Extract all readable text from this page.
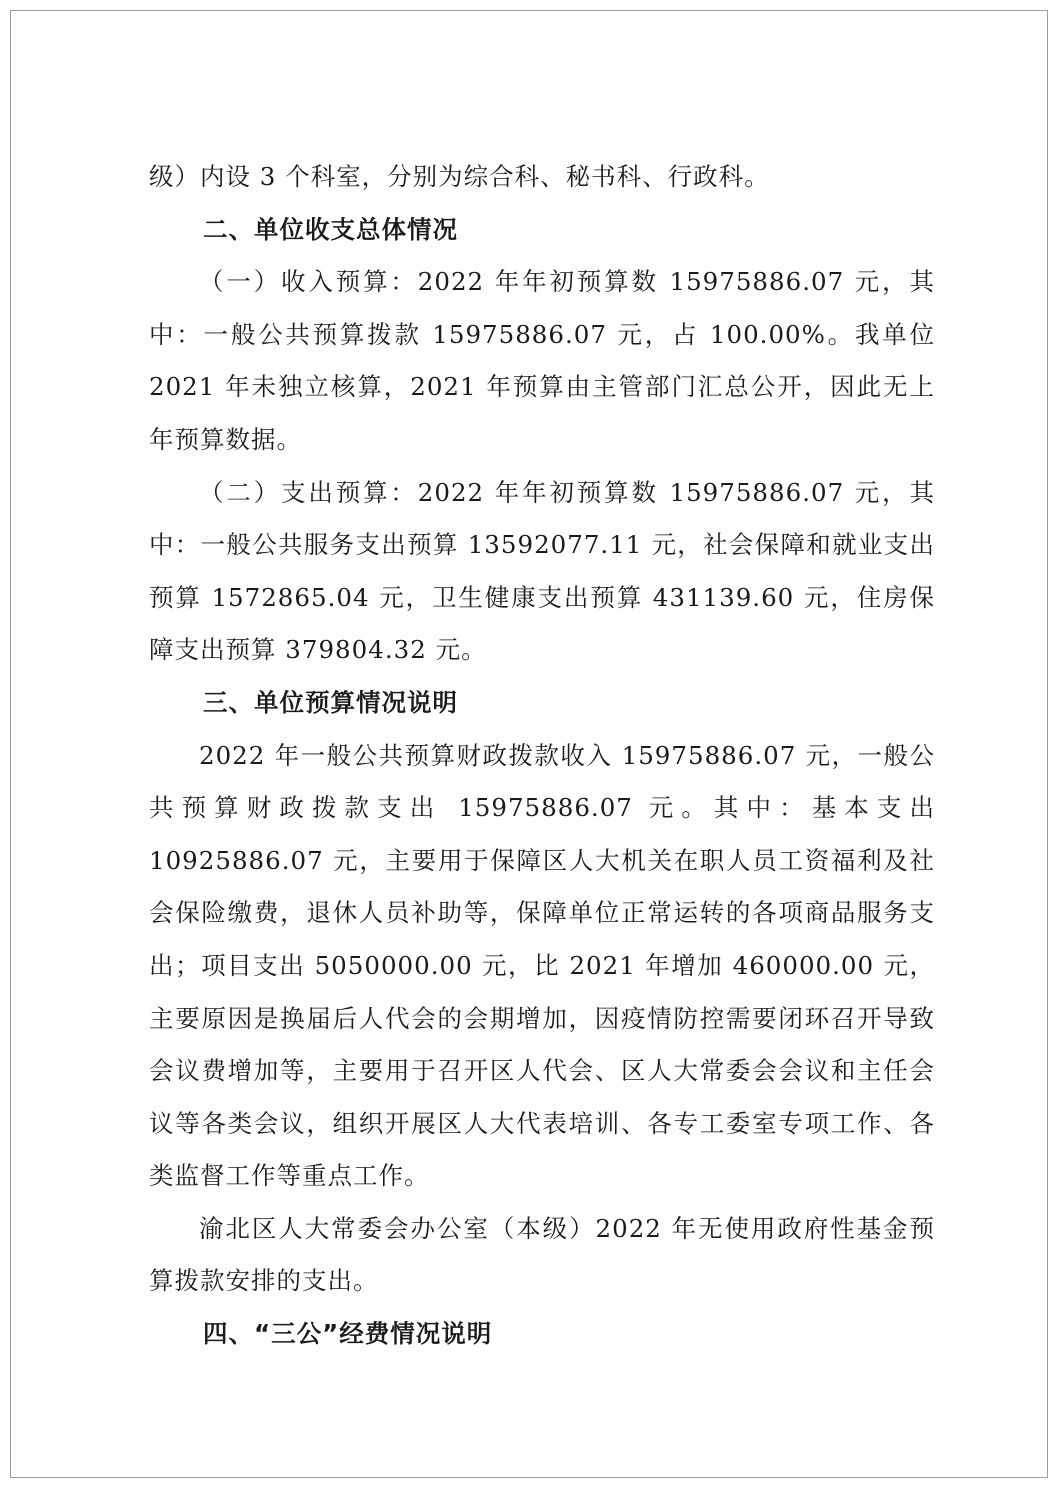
级）内设 3 个科室，分别为综合科、秘书科、行政科。

二、单位收支总体情况

（一）收入预算：2022 年年初预算数 15975886.07 元，其中：一般公共预算拨款 15975886.07 元，占 100.00%。我单位 2021 年未独立核算，2021 年预算由主管部门汇总公开，因此无上年预算数据。

（二）支出预算：2022 年年初预算数 15975886.07 元，其中：一般公共服务支出预算 13592077.11 元，社会保障和就业支出预算 1572865.04 元，卫生健康支出预算 431139.60 元，住房保障支出预算 379804.32 元。

三、单位预算情况说明

2022 年一般公共预算财政拨款收入 15975886.07 元，一般公共预算财政拨款支出 15975886.07 元。其中：基本支出 10925886.07 元，主要用于保障区人大机关在职人员工资福利及社会保险缴费，退休人员补助等，保障单位正常运转的各项商品服务支出；项目支出 5050000.00 元，比 2021 年增加 460000.00 元，主要原因是换届后人代会的会期增加，因疫情防控需要闭环召开导致会议费增加等，主要用于召开区人代会、区人大常委会会议和主任会议等各类会议，组织开展区人大代表培训、各专工委室专项工作、各类监督工作等重点工作。

渝北区人大常委会办公室（本级）2022 年无使用政府性基金预算拨款安排的支出。

四、“三公”经费情况说明
